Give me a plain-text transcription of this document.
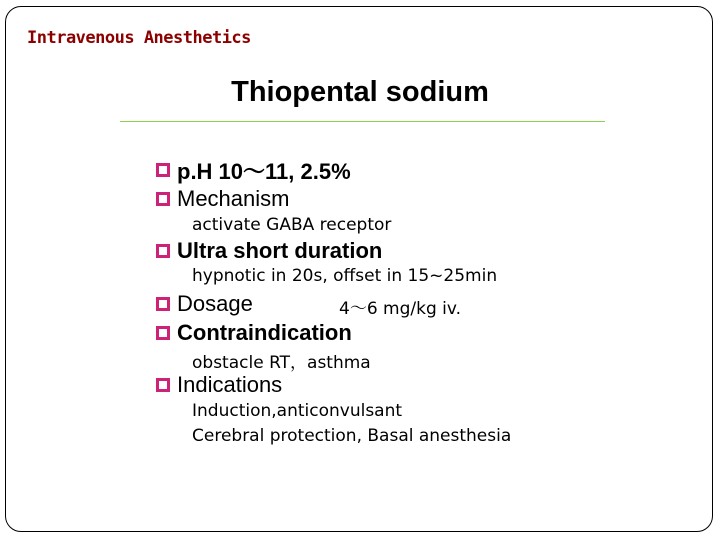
Intravenous Anesthetics
Thiopental sodium
p.H 10～11, 2.5%
Mechanism
activate GABA receptor
Ultra short duration
hypnotic in 20s, offset in 15~25min
Dosage	4～6 mg/kg iv.
Contraindication
obstacle RT，asthma
Indications
Induction,anticonvulsant
Cerebral protection, Basal anesthesia
